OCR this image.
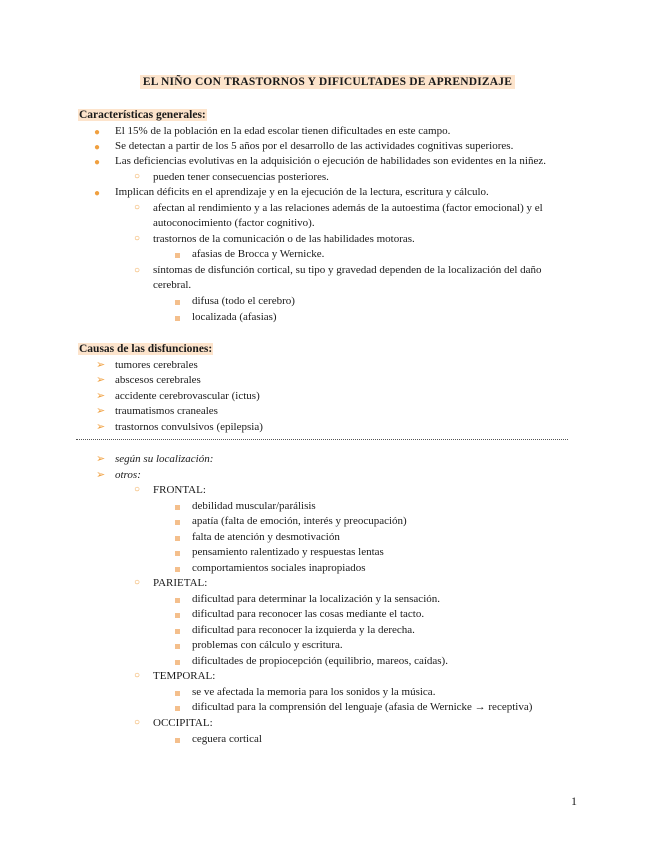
EL NIÑO CON TRASTORNOS Y DIFICULTADES DE APRENDIZAJE
Características generales:
● El 15% de la población en la edad escolar tienen dificultades en este campo.
● Se detectan a partir de los 5 años por el desarrollo de las actividades cognitivas superiores.
● Las deficiencias evolutivas en la adquisición o ejecución de habilidades son evidentes en la niñez.
○ pueden tener consecuencias posteriores.
● Implican déficits en el aprendizaje y en la ejecución de la lectura, escritura y cálculo.
○ afectan al rendimiento y a las relaciones además de la autoestima (factor emocional) y el autoconocimiento (factor cognitivo).
○ trastornos de la comunicación o de las habilidades motoras.
afasias de Brocca y Wernicke.
○ síntomas de disfunción cortical, su tipo y gravedad dependen de la localización del daño cerebral.
difusa (todo el cerebro)
localizada (afasias)
Causas de las disfunciones:
➢ tumores cerebrales
➢ abscesos cerebrales
➢ accidente cerebrovascular (ictus)
➢ traumatismos craneales
➢ trastornos convulsivos (epilepsia)
➢ según su localización:
➢ otros:
○ FRONTAL:
debilidad muscular/parálisis
apatía (falta de emoción, interés y preocupación)
falta de atención y desmotivación
pensamiento ralentizado y respuestas lentas
comportamientos sociales inapropiados
○ PARIETAL:
dificultad para determinar la localización y la sensación.
dificultad para reconocer las cosas mediante el tacto.
dificultad para reconocer la izquierda y la derecha.
problemas con cálculo y escritura.
dificultades de propiocepción (equilibrio, mareos, caídas).
○ TEMPORAL:
se ve afectada la memoria para los sonidos y la música.
dificultad para la comprensión del lenguaje (afasia de Wernicke → receptiva)
○ OCCIPITAL:
ceguera cortical
1
